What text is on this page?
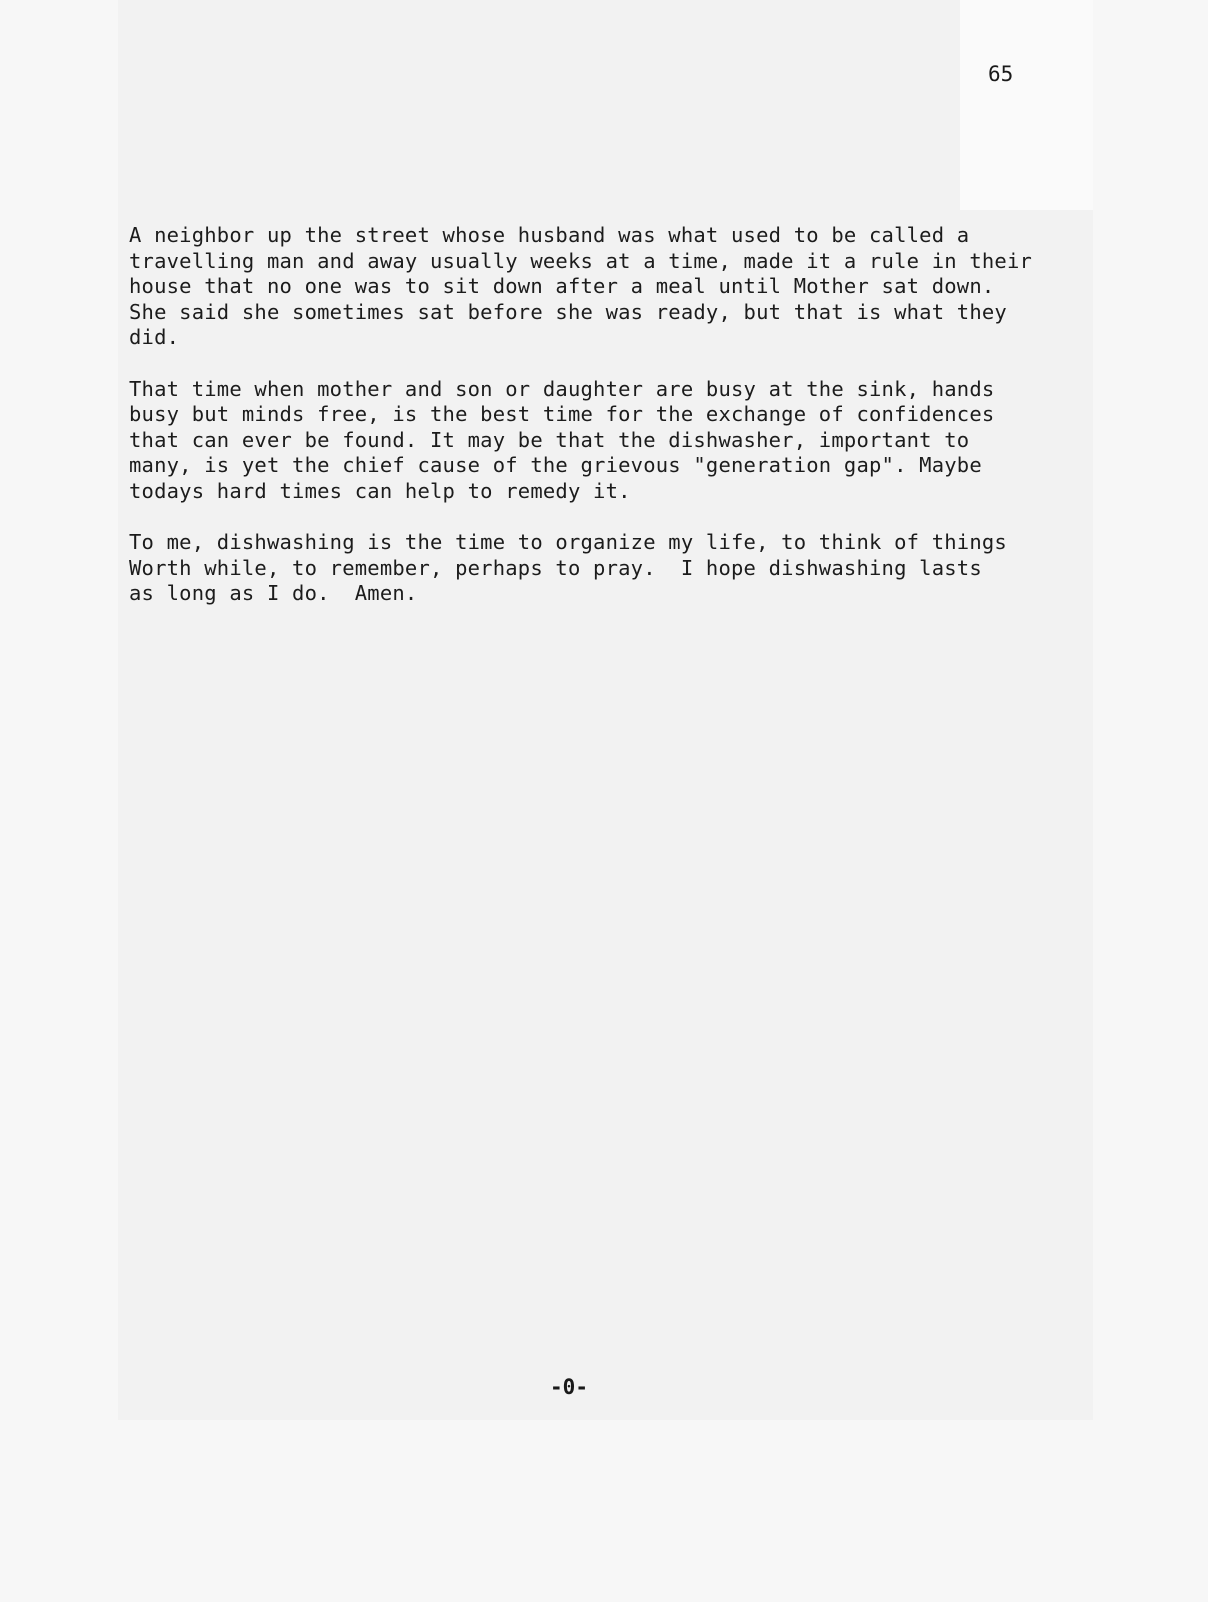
65
A neighbor up the street whose husband was what used to be called a
travelling man and away usually weeks at a time, made it a rule in their
house that no one was to sit down after a meal until Mother sat down.
She said she sometimes sat before she was ready, but that is what they
did.
That time when mother and son or daughter are busy at the sink, hands
busy but minds free, is the best time for the exchange of confidences
that can ever be found. It may be that the dishwasher, important to
many, is yet the chief cause of the grievous "generation gap". Maybe
todays hard times can help to remedy it.
To me, dishwashing is the time to organize my life, to think of things
Worth while, to remember, perhaps to pray.  I hope dishwashing lasts
as long as I do.  Amen.
-0-
